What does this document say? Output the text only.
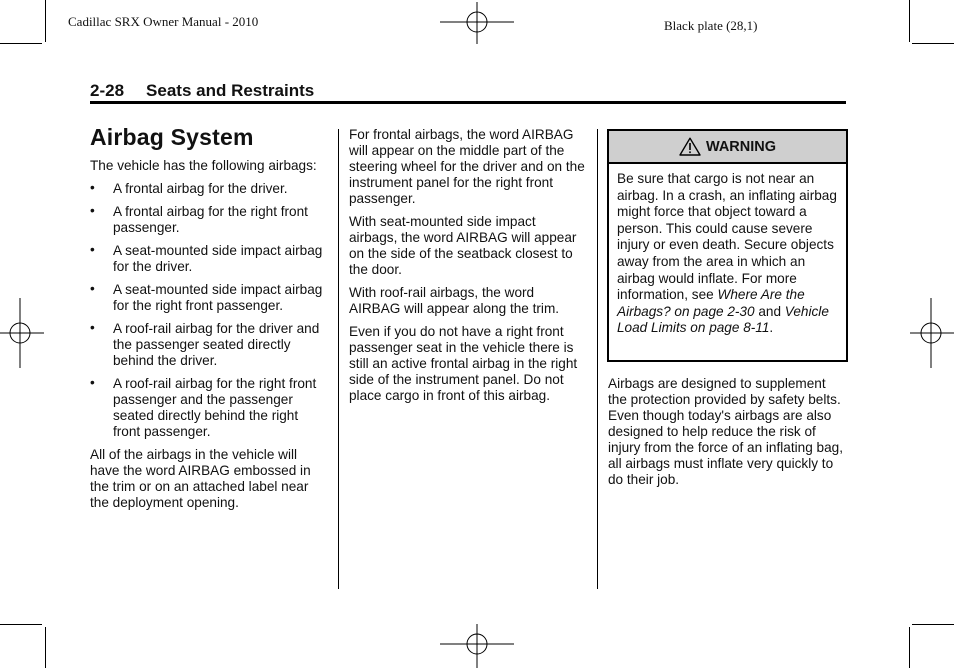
Cadillac SRX Owner Manual - 2010	Black plate (28,1)
2-28 Seats and Restraints
Airbag System

The vehicle has the following airbags:

• A frontal airbag for the driver.
• A frontal airbag for the right front passenger.
• A seat-mounted side impact airbag for the driver.
• A seat-mounted side impact airbag for the right front passenger.
• A roof-rail airbag for the driver and the passenger seated directly behind the driver.
• A roof-rail airbag for the right front passenger and the passenger seated directly behind the right front passenger.

All of the airbags in the vehicle will have the word AIRBAG embossed in the trim or on an attached label near the deployment opening.

For frontal airbags, the word AIRBAG will appear on the middle part of the steering wheel for the driver and on the instrument panel for the right front passenger.

With seat-mounted side impact airbags, the word AIRBAG will appear on the side of the seatback closest to the door.

With roof-rail airbags, the word AIRBAG will appear along the trim.

Even if you do not have a right front passenger seat in the vehicle there is still an active frontal airbag in the right side of the instrument panel. Do not place cargo in front of this airbag.

WARNING
Be sure that cargo is not near an airbag. In a crash, an inflating airbag might force that object toward a person. This could cause severe injury or even death. Secure objects away from the area in which an airbag would inflate. For more information, see Where Are the Airbags? on page 2-30 and Vehicle Load Limits on page 8-11.

Airbags are designed to supplement the protection provided by safety belts. Even though today's airbags are also designed to help reduce the risk of injury from the force of an inflating bag, all airbags must inflate very quickly to do their job.
